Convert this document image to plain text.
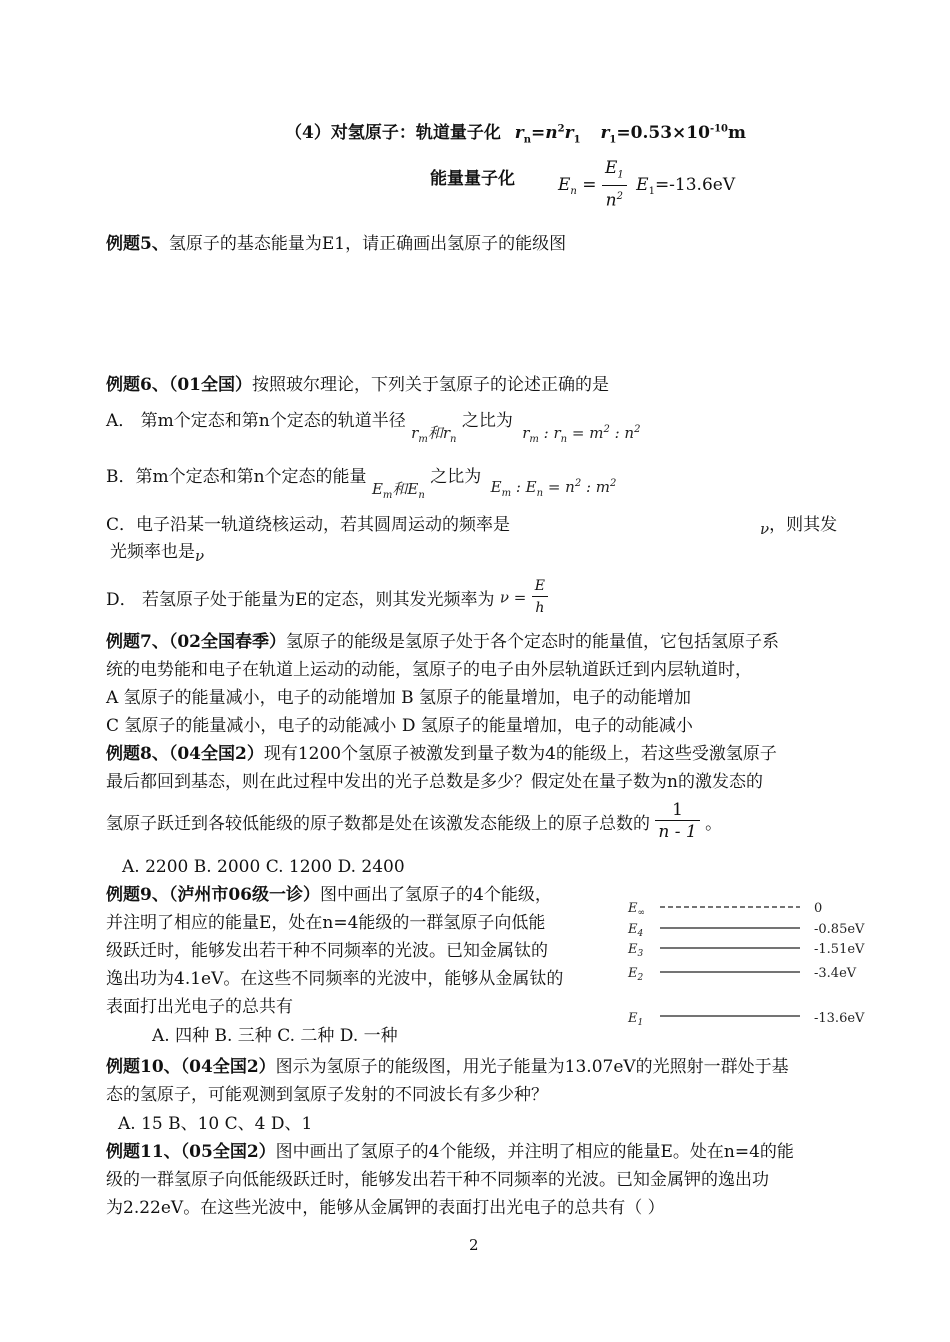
（4）对氢原子：轨道量子化 $r_n=n^2r_1$ $r_1=0.53\times 10^{-10}m$
能量量子化	$E_n = \frac{E_1}{n^2} E_1=-13.6eV$
例题5、氢原子的基态能量为E1，请正确画出氢原子的能级图
例题6、（01全国）按照玻尔理论，下列关于氢原子的论述正确的是
A． 第m个定态和第n个定态的轨道半径 $r_m$和$r_n$ 之比为 $r_m$ : $r_n = m^2$ : $n^2$
B．第m个定态和第n个定态的能量 $E_m$和$E_n$ 之比为 $E_m$ : $E_n = n^2$ : $m^2$
C．电子沿某一轨道绕核运动，若其圆周运动的频率是	ν，则其发
光频率也是ν
D． 若氢原子处于能量为E的定态，则其发光频率为 $\nu = \frac{E}{h}$
例题7、（02全国春季）氢原子的能级是氢原子处于各个定态时的能量值，它包括氢原子系
统的电势能和电子在轨道上运动的动能，氢原子的电子由外层轨道跃迁到内层轨道时，
A 氢原子的能量减小，电子的动能增加 B 氢原子的能量增加，电子的动能增加
C 氢原子的能量减小，电子的动能减小 D 氢原子的能量增加，电子的动能减小
例题8、（04全国2）现有1200个氢原子被激发到量子数为4的能级上，若这些受激氢原子
最后都回到基态，则在此过程中发出的光子总数是多少？假定处在量子数为n的激发态的
氢原子跃迁到各较低能级的原子数都是处在该激发态能级上的原子总数的 $\frac{1}{n - 1}$ 。
A. 2200 B. 2000 C. 1200 D. 2400
例题9、（泸州市06级一诊）图中画出了氢原子的4个能级，
并注明了相应的能量E，处在n=4能级的一群氢原子向低能
级跃迁时，能够发出若干种不同频率的光波。已知金属钛的
逸出功为4.1eV。在这些不同频率的光波中，能够从金属钛的
表面打出光电子的总共有
A. 四种 B. 三种 C. 二种 D. 一种
$E_\infty$	0
$E_4$	-0.85eV
$E_3$	-1.51eV
$E_2$	-3.4eV
$E_1$	-13.6eV
例题10、（04全国2）图示为氢原子的能级图，用光子能量为13.07eV的光照射一群处于基
态的氢原子，可能观测到氢原子发射的不同波长有多少种？
A. 15 B、10 C、4 D、1
例题11、（05全国2）图中画出了氢原子的4个能级，并注明了相应的能量E。处在n=4的能
级的一群氢原子向低能级跃迁时，能够发出若干种不同频率的光波。已知金属钾的逸出功
为2.22eV。在这些光波中，能够从金属钾的表面打出光电子的总共有（ ）
2
